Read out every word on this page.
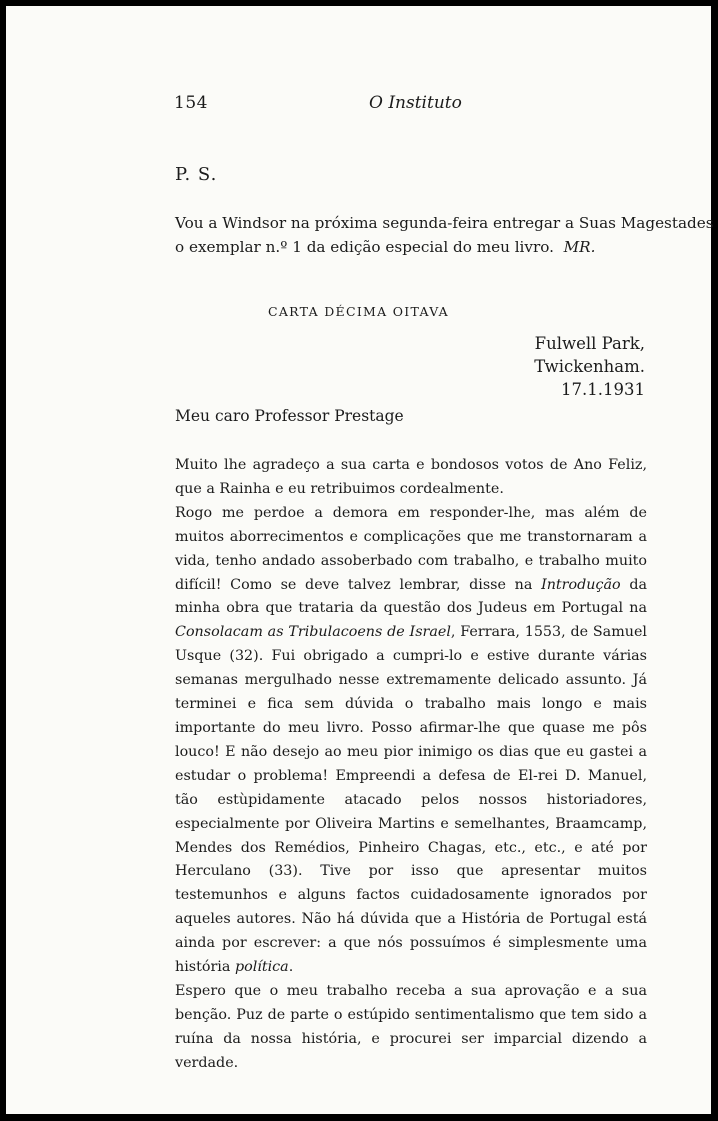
154	O Instituto
P. S.
Vou a Windsor na próxima segunda-feira entregar a Suas Magestades
o exemplar n.º 1 da edição especial do meu livro. MR.
CARTA DÉCIMA OITAVA
Fulwell Park,
Twickenham.
17.1.1931
Meu caro Professor Prestage

Muito lhe agradeço a sua carta e bondosos votos de Ano Feliz, que a Rainha e eu retribuimos cordealmente.

Rogo me perdoe a demora em responder-lhe, mas além de muitos aborrecimentos e complicações que me transtornaram a vida, tenho andado assoberbado com trabalho, e trabalho muito difícil! Como se deve talvez lembrar, disse na Introdução da minha obra que trataria da questão dos Judeus em Portugal na Consolacam as Tribulacoens de Israel, Ferrara, 1553, de Samuel Usque (32). Fui obrigado a cumpri-lo e estive durante várias semanas mergulhado nesse extremamente delicado assunto. Já terminei e fica sem dúvida o trabalho mais longo e mais importante do meu livro. Posso afirmar-lhe que quase me pôs louco! E não desejo ao meu pior inimigo os dias que eu gastei a estudar o problema! Empreendi a defesa de El-rei D. Manuel, tão estùpidamente atacado pelos nossos historiadores, especialmente por Oliveira Martins e semelhantes, Braamcamp, Mendes dos Remédios, Pinheiro Chagas, etc., etc., e até por Herculano (33). Tive por isso que apresentar muitos testemunhos e alguns factos cuidadosamente ignorados por aqueles autores. Não há dúvida que a História de Portugal está ainda por escrever: a que nós possuímos é simplesmente uma história política.

Espero que o meu trabalho receba a sua aprovação e a sua benção. Puz de parte o estúpido sentimentalismo que tem sido a ruína da nossa história, e procurei ser imparcial dizendo a verdade.
